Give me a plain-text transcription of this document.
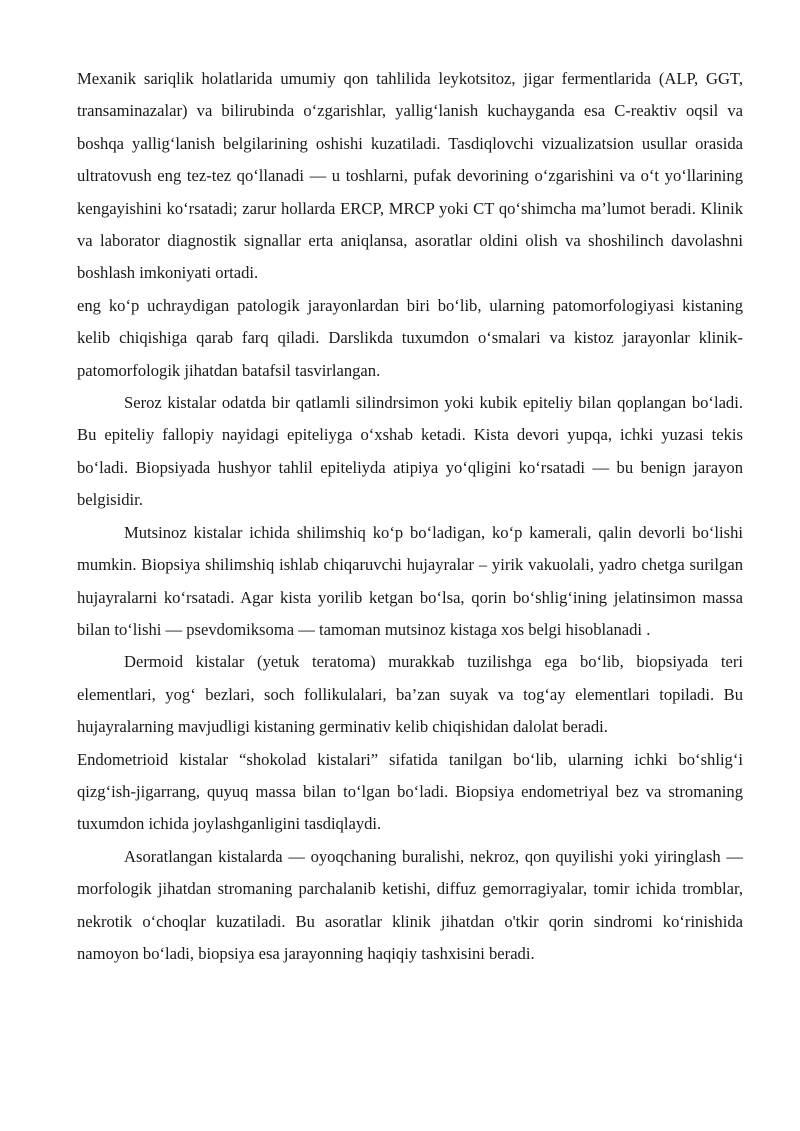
Mexanik sariqlik holatlarida umumiy qon tahlilida leykotsitoz, jigar fermentlarida (ALP, GGT, transaminazalar) va bilirubinda o‘zgarishlar, yallig‘lanish kuchayganda esa C-reaktiv oqsil va boshqa yallig‘lanish belgilarining oshishi kuzatiladi. Tasdiqlovchi vizualizatsion usullar orasida ultratovush eng tez-tez qo‘llanadi — u toshlarni, pufak devorining o‘zgarishini va o‘t yo‘llarining kengayishini ko‘rsatadi; zarur hollarda ERCP, MRCP yoki CT qo‘shimcha ma’lumot beradi. Klinik va laborator diagnostik signallar erta aniqlansa, asoratlar oldini olish va shoshilinch davolashni boshlash imkoniyati ortadi.

eng ko‘p uchraydigan patologik jarayonlardan biri bo‘lib, ularning patomorfologiyasi kistaning kelib chiqishiga qarab farq qiladi. Darslikda tuxumdon o‘smalari va kistoz jarayonlar klinik-patomorfologik jihatdan batafsil tasvirlangan.

Seroz kistalar odatda bir qatlamli silindrsimon yoki kubik epiteliy bilan qoplangan bo‘ladi. Bu epiteliy fallopiy nayidagi epiteliyga o‘xshab ketadi. Kista devori yupqa, ichki yuzasi tekis bo‘ladi. Biopsiyada hushyor tahlil epiteliyda atipiya yo‘qligini ko‘rsatadi — bu benign jarayon belgisidir.

Mutsinoz kistalar ichida shilimshiq ko‘p bo‘ladigan, ko‘p kamerali, qalin devorli bo‘lishi mumkin. Biopsiya shilimshiq ishlab chiqaruvchi hujayralar – yirik vakuolali, yadro chetga surilgan hujayralarni ko‘rsatadi. Agar kista yorilib ketgan bo‘lsa, qorin bo‘shlig‘ining jelatinsimon massa bilan to‘lishi — psevdomiksoma — tamoman mutsinoz kistaga xos belgi hisoblanadi .

Dermoid kistalar (yetuk teratoma) murakkab tuzilishga ega bo‘lib, biopsiyada teri elementlari, yog‘ bezlari, soch follikulalari, ba’zan suyak va tog‘ay elementlari topiladi. Bu hujayralarning mavjudligi kistaning germinativ kelib chiqishidan dalolat beradi.

Endometrioid kistalar “shokolad kistalari” sifatida tanilgan bo‘lib, ularning ichki bo‘shlig‘i qizg‘ish-jigarrang, quyuq massa bilan to‘lgan bo‘ladi. Biopsiya endometriyal bez va stromaning tuxumdon ichida joylashganligini tasdiqlaydi.

Asoratlangan kistalarda — oyoqchaning buralishi, nekroz, qon quyilishi yoki yiringlash — morfologik jihatdan stromaning parchalanib ketishi, diffuz gemorragiyalar, tomir ichida tromblar, nekrotik o‘choqlar kuzatiladi. Bu asoratlar klinik jihatdan o'tkir qorin sindromi ko‘rinishida namoyon bo‘ladi, biopsiya esa jarayonning haqiqiy tashxisini beradi.
